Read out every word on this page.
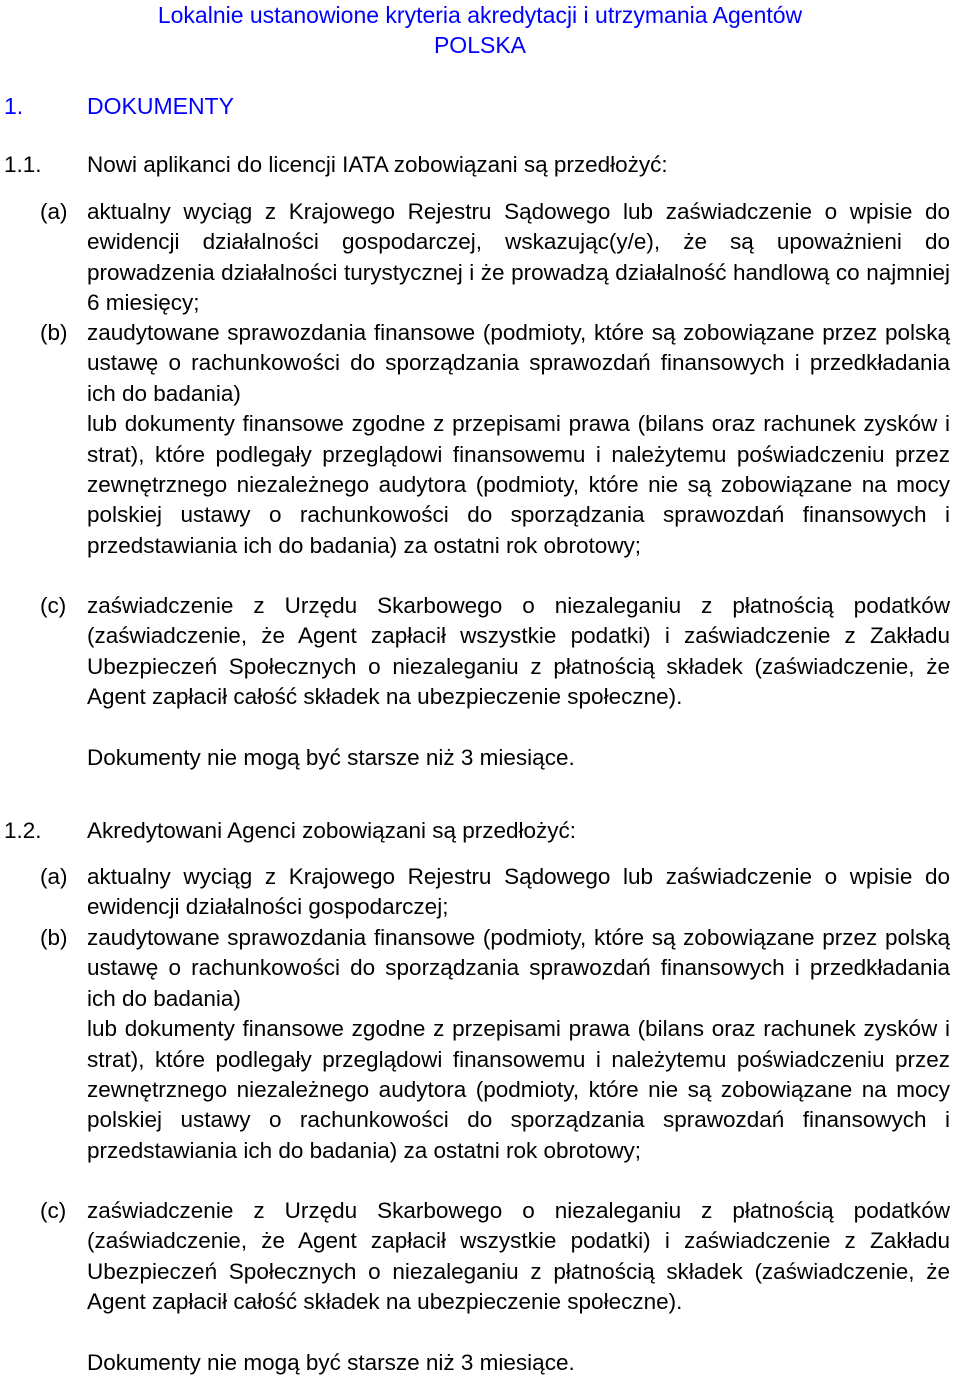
Lokalnie ustanowione kryteria akredytacji i utrzymania Agentów
POLSKA
1.	DOKUMENTY
1.1. Nowi aplikanci do licencji IATA zobowiązani są przedłożyć:
(a) aktualny wyciąg z Krajowego Rejestru Sądowego lub zaświadczenie o wpisie do ewidencji działalności gospodarczej, wskazując(y/e), że są upoważnieni do prowadzenia działalności turystycznej i że prowadzą działalność handlową co najmniej 6 miesięcy;

(b) zaudytowane sprawozdania finansowe (podmioty, które są zobowiązane przez polską ustawę o rachunkowości do sporządzania sprawozdań finansowych i przedkładania ich do badania)

lub dokumenty finansowe zgodne z przepisami prawa (bilans oraz rachunek zysków i strat), które podlegały przeglądowi finansowemu i należytemu poświadczeniu przez zewnętrznego niezależnego audytora (podmioty, które nie są zobowiązane na mocy polskiej ustawy o rachunkowości do sporządzania sprawozdań finansowych i przedstawiania ich do badania) za ostatni rok obrotowy;

(c) zaświadczenie z Urzędu Skarbowego o niezaleganiu z płatnością podatków (zaświadczenie, że Agent zapłacił wszystkie podatki) i zaświadczenie z Zakładu Ubezpieczeń Społecznych o niezaleganiu z płatnością składek (zaświadczenie, że Agent zapłacił całość składek na ubezpieczenie społeczne).

Dokumenty nie mogą być starsze niż 3 miesiące.
1.2. Akredytowani Agenci zobowiązani są przedłożyć:
(a) aktualny wyciąg z Krajowego Rejestru Sądowego lub zaświadczenie o wpisie do ewidencji działalności gospodarczej;

(b) zaudytowane sprawozdania finansowe (podmioty, które są zobowiązane przez polską ustawę o rachunkowości do sporządzania sprawozdań finansowych i przedkładania ich do badania)

lub dokumenty finansowe zgodne z przepisami prawa (bilans oraz rachunek zysków i strat), które podlegały przeglądowi finansowemu i należytemu poświadczeniu przez zewnętrznego niezależnego audytora (podmioty, które nie są zobowiązane na mocy polskiej ustawy o rachunkowości do sporządzania sprawozdań finansowych i przedstawiania ich do badania) za ostatni rok obrotowy;

(c) zaświadczenie z Urzędu Skarbowego o niezaleganiu z płatnością podatków (zaświadczenie, że Agent zapłacił wszystkie podatki) i zaświadczenie z Zakładu Ubezpieczeń Społecznych o niezaleganiu z płatnością składek (zaświadczenie, że Agent zapłacił całość składek na ubezpieczenie społeczne).

Dokumenty nie mogą być starsze niż 3 miesiące.
